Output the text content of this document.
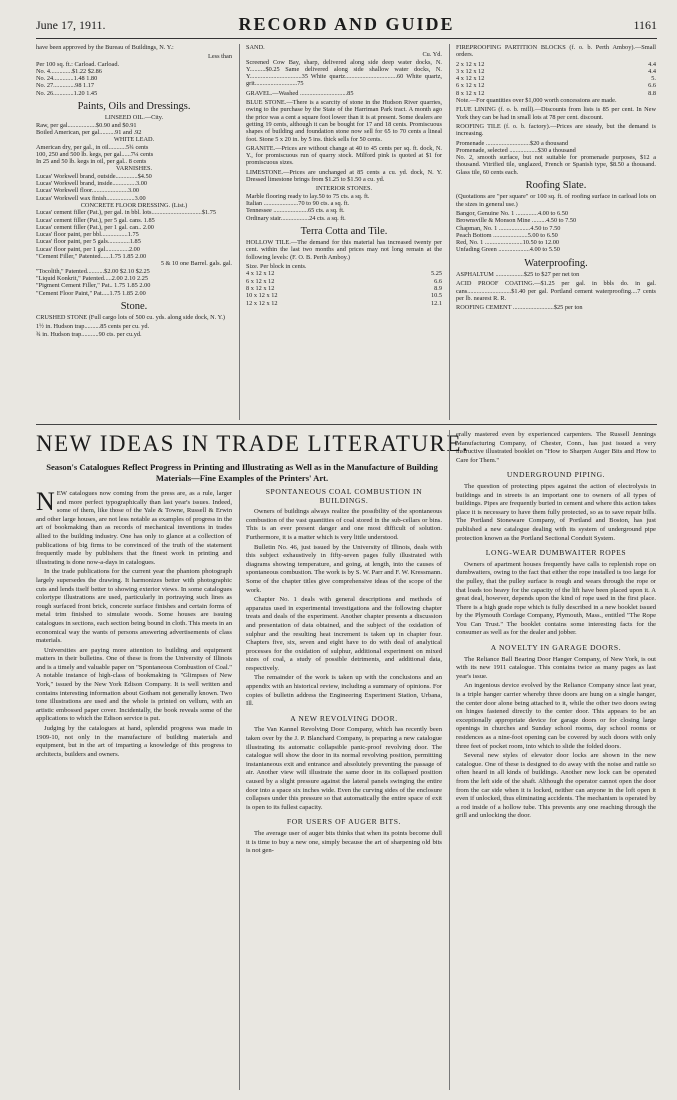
June 17, 1911.	RECORD AND GUIDE	1161

have been approved by the Bureau of Buildings, N. Y.:

Less than
Per 100 sq. ft.: Carload. Carload.
No. 4..............$1.22 $2.86
No. 24.............1.48 1.80
No. 27..............98 1.17
No. 26.............1.20 1.45
Paints, Oils and Dressings.
LINSEED OIL.—City.
Raw, per gal..................$0.90 and $0.91
Boiled American, per gal..........91 and .92
WHITE LEAD.
American dry, per gal., in oil...........5¾ cents
100, 250 and 500 lb. kegs, per gal......7¼ cents
In 25 and 50 lb. kegs in oil, per gal.. 8 cents
VARNISHES.
Lucas' Workwell brand, outside..............$4.50
Lucas' Workwell brand, inside...............3.00
Lucas' Workwell floor.......................3.00
Lucas' Workwell wax finish..................3.00
CONCRETE FLOOR DRESSING. (List.)
Lucas' cement filler (Pat.), per gal. in bbl. lots................................$1.75
Lucas' cement filler (Pat.), per 5 gal. cans. 1.85
Lucas' cement filler (Pat.), per 1 gal. can.. 2.00
Lucas' floor paint, per bbl.................1.75
Lucas' floor paint, per 5 gals..............1.85
Lucas' floor paint, per 1 gal...............2.00
"Cement Filler," Patented......1.75 1.85 2.00
5 & 10 one Barrel. gals. gal.
"Tocolith," Patented...........$2.00 $2.10 $2.25
"Liquid Konkrit," Patented.....2.00 2.10 2.25
"Pigment Cement Filler," Pat.. 1.75 1.85 2.00
"Cement Floor Paint," Pat.....1.75 1.85 2.00
Stone.

CRUSHED STONE (Full cargo lots of 500 cu. yds. along side dock, N. Y.)

1½ in. Hudson trap..........85 cents per cu. yd.
¾ in. Hudson trap...........90 cts. per cu.yd.
SAND.
Cu. Yd.

Screened Cow Bay, sharp, delivered along side deep water docks, N. Y..........$0.25 Same delivered along side shallow water docks, N. Y.................................35 White quartz.................................60 White quartz, grit...........................75

GRAVEL.—Washed ..............................85

BLUE STONE.—There is a scarcity of stone in the Hudson River quarries, owing to the purchase by the State of the Harriman Park tract. A month ago the price was a cent a square foot lower than it is at present. Some dealers are getting 19 cents, although it can be bought for 17 and 18 cents. Promiscuous shapes of building and foundation stone now sell for 65 to 70 cents a lineal foot. Stone 5 x 20 in. by 5 ins. thick sells for 50 cents.

GRANITE.—Prices are without change at 40 to 45 cents per sq. ft. dock, N. Y., for promiscuous run of quarry stock. Milford pink is quoted at $1 for promiscuous sizes.

LIMESTONE.—Prices are unchanged at 85 cents a cu. yd. dock, N. Y. Dressed limestone brings from $1.25 to $1.50 a cu. yd.

INTERIOR STONES.
Marble flooring ready to lay.50 to 75 cts. a sq. ft.
Italian ......................70 to 90 cts. a sq. ft.
Tennessee ......................65 cts. a sq. ft.
Ordinary stair..................24 cts. a sq. ft.
Terra Cotta and Tile.

HOLLOW TILE.—The demand for this material has increased twenty per cent. within the last two months and prices may not long remain at the following levels: (F. O. B. Perth Amboy.)

Size. Per block in cents.
4 x 12 x 12	5.25
6 x 12 x 12	6.6
8 x 12 x 12	8.9
10 x 12 x 12	10.5
12 x 12 x 12	12.1

FIREPROOFING PARTITION BLOCKS (f. o. b. Perth Amboy).—Small orders.

2 x 12 x 12	4.4
3 x 12 x 12	4.4
4 x 12 x 12	5.
6 x 12 x 12	6.6
8 x 12 x 12	8.8

Note.—For quantities over $1,000 worth concessions are made.

FLUE LINING (f. o. b. mill).—Discounts from lists is 85 per cent. In New York they can be had in small lots at 78 per cent. discount.

ROOFING TILE (f. o. b. factory).—Prices are steady, but the demand is increasing.

Promenade ............................$20 a thousand
Promenade, selected ..................$30 a thousand

No. 2, smooth surface, but not suitable for promenade purposes, $12 a thousand. Vitrified tile, unglazed, French or Spanish type, $8.50 a thousand. Glass tile, 60 cents each.

Roofing Slate.

(Quotations are "per square" or 100 sq. ft. of roofing surface in carload lots on the sizes in general use.)

Bangor, Genuine No. 1 ..............4.00 to 6.50
Brownsville & Monson Mine .........4.50 to 7.50
Chapman, No. 1 ....................4.50 to 7.50
Peach Bottom ......................5.00 to 6.50
Red, No. 1 ........................10.50 to 12.00
Unfading Green ....................4.00 to 5.50
Waterproofing.

ASPHALTUM ..................$25 to $27 per net ton

ACID PROOF COATING.—$1.25 per gal. in bbls do. in gal. cans............................$1.40 per gal. Portland cement waterproofing....7 cents per lb. nearest R. R.

ROOFING CEMENT ..........................$25 per ton

NEW IDEAS IN TRADE LITERATURE.
Season's Catalogues Reflect Progress in Printing and Illustrating as Well as in the Manufacture of Building Materials—Fine Examples of the Printers' Art.

NEW catalogues now coming from the press are, as a rule, larger and more perfect typographically than last year's issues. Indeed, some of them, like those of the Yale & Towne, Russell & Erwin and other large houses, are not less notable as examples of progress in the art of bookmaking than as records of mechanical inventions in trades allied to the building industry. One has only to glance at a collection of publications of big firms to be convinced of the truth of the statement frequently made by publishers that the finest work in printing and illustrating is done now-a-days in catalogues.

In the trade publications for the current year the phantom photograph largely supersedes the drawing. It harmonizes better with photographic cuts and lends itself better to showing exterior views. In some catalogues colortype illustrations are used, particularly in portraying such lines as rough surfaced front brick, concrete surface finishes and certain forms of metal trim finished to simulate woods. Some houses are issuing catalogues in sections, each section being bound in cloth. This meets in an economical way the wants of persons answering advertisements of class materials.

Universities are paying more attention to building and equipment matters in their bulletins. One of these is from the University of Illinois and is a timely and valuable paper on "Spontaneous Combustion of Coal." A notable instance of high-class of bookmaking is "Glimpses of New York," issued by the New York Edison Company. It is well written and contains interesting information about Gotham not generally known. Two tone illustrations are used and the whole is printed on vellum, with an artistic embossed paper cover. Incidentally, the book reveals some of the applications to which the Edison service is put.

Judging by the catalogues at hand, splendid progress was made in 1909-10, not only in the manufacture of building materials and equipment, but in the art of imparting a knowledge of this progress to architects, builders and owners.

SPONTANEOUS COAL COMBUSTION IN BUILDINGS.

Owners of buildings always realize the possibility of the spontaneous combustion of the vast quantities of coal stored in the sub-cellars or bins. This is an ever present danger and one most difficult of solution. Furthermore, it is a matter which is very little understood.

Bulletin No. 46, just issued by the University of Illinois, deals with this subject exhaustively in fifty-seven pages fully illustrated with diagrams showing temperature, and going, at length, into the causes of spontaneous combustion. The work is by S. W. Parr and F. W. Kressmann. Some of the chapter titles give comprehensive ideas of the scope of the work.

Chapter No. 1 deals with general descriptions and methods of apparatus used in experimental investigations and the following chapter treats and deals of the experiment. Another chapter presents a discussion and presentation of data obtained, and the subject of the oxidation of sulphur and the resulting heat increment is taken up in chapter four. Chapters five, six, seven and eight have to do with deal of analytical processes for the oxidation of sulphur, additional experiment on mixed sizes of coal, a study of possible detriments, and additional data, respectively.

The remainder of the work is taken up with the conclusions and an appendix with an historical review, including a summary of opinions. For copies of bulletin address the Engineering Experiment Station, Urbana, Ill.

A NEW REVOLVING DOOR.

The Van Kannel Revolving Door Company, which has recently been taken over by the J. P. Blanchard Company, is preparing a new catalogue illustrating its automatic collapsible panic-proof revolving door. The catalogue will show the door in its normal revolving position, permitting instantaneous exit and entrance and absolutely preventing the passage of air. Another view will illustrate the same door in its collapsed position caused by a slight pressure against the lateral panels swinging the entire door into a space six inches wide. Even the curving sides of the enclosure collapses under this pressure so that automatically the entire space of exit is open to its fullest capacity.

FOR USERS OF AUGER BITS.

The average user of auger bits thinks that when its points become dull it is time to buy a new one, simply because the art of sharpening old bits is not gen-

erally mastered even by experienced carpenters. The Russell Jennings Manufacturing Company, of Chester, Conn., has just issued a very instructive illustrated booklet on "How to Sharpen Auger Bits and How to Care for Them."

UNDERGROUND PIPING.

The question of protecting pipes against the action of electrolysis in buildings and in streets is an important one to owners of all types of buildings. Pipes are frequently buried in cement and where this action takes place it is necessary to have them fully protected, so as to save repair bills. The Portland Stoneware Company, of Portland and Boston, has just published a new catalogue dealing with its system of underground pipe protection known as the Portland Sectional Conduit System.

LONG-WEAR DUMBWAITER ROPES

Owners of apartment houses frequently have calls to replenish rope on dumbwaiters, owing to the fact that either the rope installed is too large for the pulley, that the pulley surface is rough and wears through the rope or that loads too heavy for the capacity of the lift have been placed upon it. A great deal, however, depends upon the kind of rope used in the first place. There is a high grade rope which is fully described in a new booklet issued by the Plymouth Cordage Company, Plymouth, Mass., entitled "The Rope You Can Trust." The booklet contains some interesting facts for the consumer as well as for the dealer and jobber.

A NOVELTY IN GARAGE DOORS.

The Reliance Ball Bearing Door Hanger Company, of New York, is out with its new 1911 catalogue. This contains twice as many pages as last year's issue.

An ingenious device evolved by the Reliance Company since last year, is a triple hanger carrier whereby three doors are hung on a single hanger, the center door alone being attached to it, while the other two doors swing on hinges fastened directly to the center door. This appears to be an exceptionally appropriate device for garage doors or for closing large openings in churches and Sunday school rooms, day school rooms or residences as a nine-foot opening can be covered by such doors with only three feet of pocket room, into which to slide the folded doors.

Several new styles of elevator door locks are shown in the new catalogue. One of these is designed to do away with the noise and rattle so often heard in all kinds of buildings. Another new lock can be operated from the left side of the shaft. Although the operator cannot open the door from the car side when it is locked, neither can anyone in the loft open it even if unlocked, thus eliminating accidents. The mechanism is operated by a rod inside of a hollow tube. This prevents any one reaching through the grill and unlocking the door.
